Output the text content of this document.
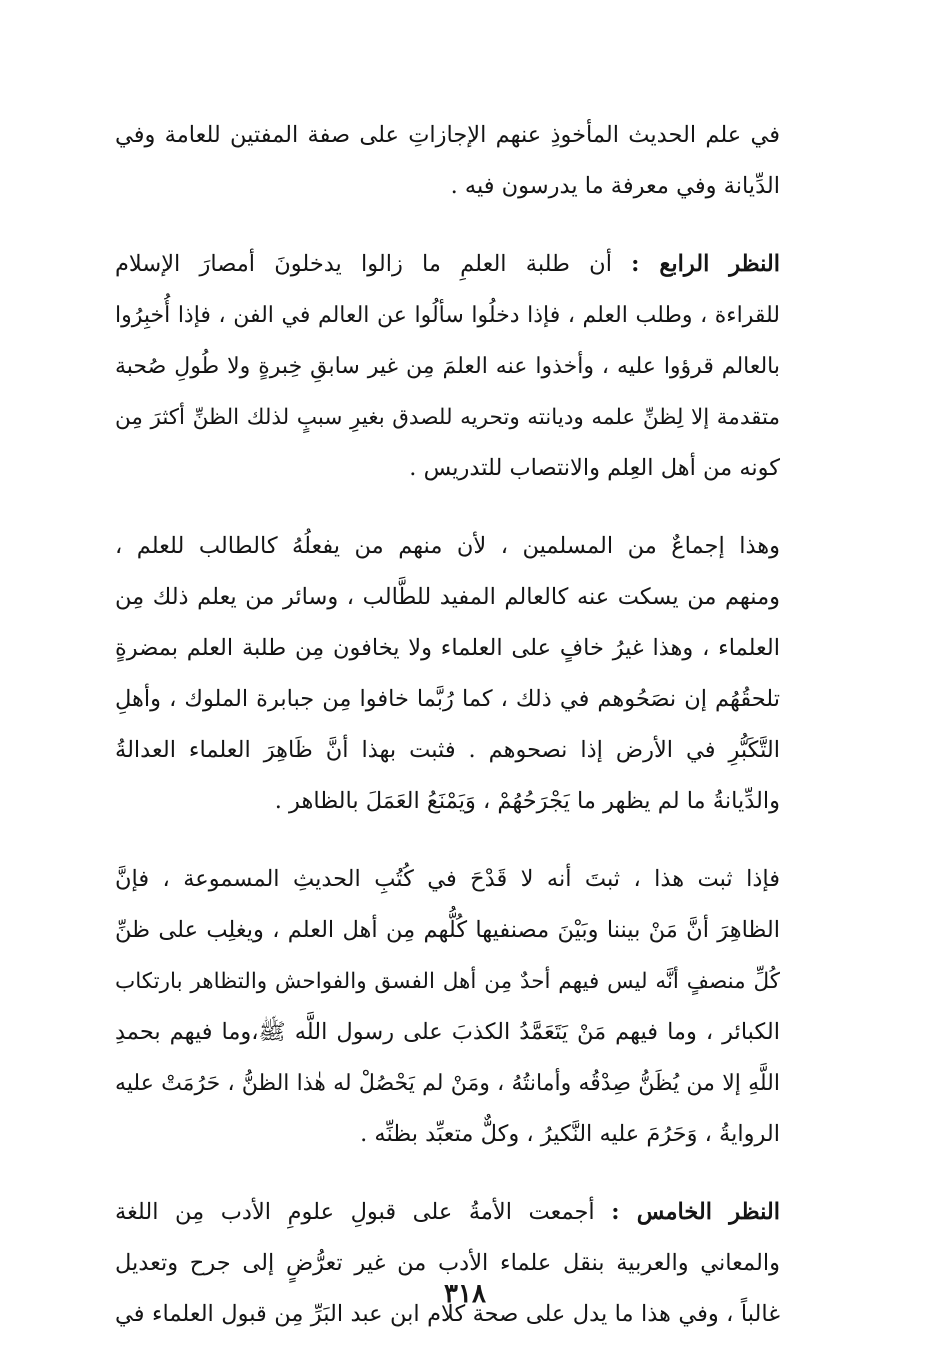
في علم الحديث المأخوذِ عنهم الإجازاتِ على صفة المفتين للعامة وفي
الدِّيانة وفي معرفة ما يدرسون فيه .
النظر الرابع : أن طلبة العلمِ ما زالوا يدخلونَ أمصارَ الإسلام
للقراءة ، وطلب العلم ، فإذا دخلُوا سألُوا عن العالم في الفن ، فإذا أُخبِرُوا
بالعالم قرؤوا عليه ، وأخذوا عنه العلمَ مِن غير سابقِ خِبرةٍ ولا طُولِ صُحبة
متقدمة إلا لِظنِّ علمه وديانته وتحريه للصدق بغيرِ سببٍ لذلك الظنِّ أكثرَ مِن
كونه من أهل العِلم والانتصاب للتدريس .
وهذا إجماعٌ من المسلمين ، لأن منهم من يفعلُهُ كالطالب للعلم ،
ومنهم من يسكت عنه كالعالم المفيد للطَّالب ، وسائر من يعلم ذلك مِن
العلماء ، وهذا غيرُ خافٍ على العلماء ولا يخافون مِن طلبة العلم بمضرةٍ
تلحقُهُم إن نصَحُوهم في ذلك ، كما رُبَّما خافوا مِن جبابرة الملوك ، وأهلِ
التَّكَبُّرِ في الأرض إذا نصحوهم . فثبت بهذا أنَّ ظَاهِرَ العلماء العدالةُ
والدِّيانةُ ما لم يظهر ما يَجْرَحُهُمْ ، وَيَمْنَعُ العَمَلَ بالظاهر .
فإذا ثبت هذا ، ثبتَ أنه لا قَدْحَ في كُتُبِ الحديثِ المسموعة ، فإنَّ
الظاهِرَ أنَّ مَنْ بيننا وبَيْنَ مصنفيها كُلُّهم مِن أهل العلم ، ويغلِب على ظنِّ
كُلِّ منصفٍ أنَّه ليس فيهم أحدٌ مِن أهل الفسق والفواحش والتظاهر بارتكاب
الكبائر ، وما فيهم مَنْ يَتَعَمَّدُ الكذبَ على رسول اللَّه ﷺ،وما فيهم بحمدِ
اللَّهِ إلا من يُظَنُّ صِدْقُه وأمانتُهُ ، ومَنْ لم يَحْصُلْ له هٰذا الظنُّ ، حَرُمَتْ عليه
الروايةُ ، وَحَرُمَ عليه النَّكيرُ ، وكلٌّ متعبِّد بظنِّه .
النظر الخامس : أجمعت الأمةُ على قبولِ علومِ الأدب مِن اللغة
والمعاني والعربية بنقل علماء الأدب من غير تعرُّضٍ إلى جرح وتعديل
غالباً ، وفي هذا ما يدل على صحة كلام ابن عبد البَرِّ مِن قبول العلماء في
٣١٨
